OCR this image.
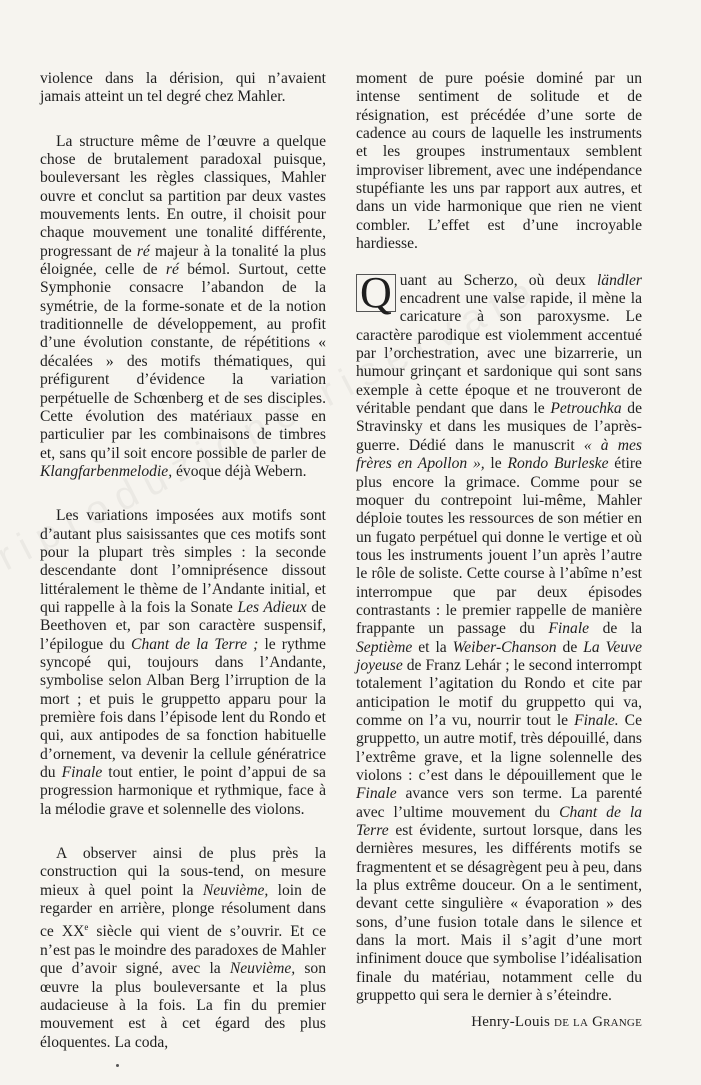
violence dans la dérision, qui n’avaient jamais atteint un tel degré chez Mahler.

La structure même de l’œuvre a quelque chose de brutalement paradoxal puisque, bouleversant les règles classiques, Mahler ouvre et conclut sa partition par deux vastes mouvements lents. En outre, il choisit pour chaque mouvement une tonalité différente, progressant de ré majeur à la tonalité la plus éloignée, celle de ré bémol. Surtout, cette Symphonie consacre l’abandon de la symétrie, de la forme-sonate et de la notion traditionnelle de développement, au profit d’une évolution constante, de répétitions « décalées » des motifs thématiques, qui préfigurent d’évidence la variation perpétuelle de Schœnberg et de ses disciples. Cette évolution des matériaux passe en particulier par les combinaisons de timbres et, sans qu’il soit encore possible de parler de Klangfarbenmelodie, évoque déjà Webern.

Les variations imposées aux motifs sont d’autant plus saisissantes que ces motifs sont pour la plupart très simples : la seconde descendante dont l’omniprésence dissout littéralement le thème de l’Andante initial, et qui rappelle à la fois la Sonate Les Adieux de Beethoven et, par son caractère suspensif, l’épilogue du Chant de la Terre ; le rythme syncopé qui, toujours dans l’Andante, symbolise selon Alban Berg l’irruption de la mort ; et puis le gruppetto apparu pour la première fois dans l’épisode lent du Rondo et qui, aux antipodes de sa fonction habituelle d’ornement, va devenir la cellule génératrice du Finale tout entier, le point d’appui de sa progression harmonique et rythmique, face à la mélodie grave et solennelle des violons.

A observer ainsi de plus près la construction qui la sous-tend, on mesure mieux à quel point la Neuvième, loin de regarder en arrière, plonge résolument dans ce XXe siècle qui vient de s’ouvrir. Et ce n’est pas le moindre des paradoxes de Mahler que d’avoir signé, avec la Neuvième, son œuvre la plus bouleversante et la plus audacieuse à la fois. La fin du premier mouvement est à cet égard des plus éloquentes. La coda,

moment de pure poésie dominé par un intense sentiment de solitude et de résignation, est précédée d’une sorte de cadence au cours de laquelle les instruments et les groupes instrumentaux semblent improviser librement, avec une indépendance stupéfiante les uns par rapport aux autres, et dans un vide harmonique que rien ne vient combler. L’effet est d’une incroyable hardiesse.

Q uant au Scherzo, où deux ländler encadrent une valse rapide, il mène la caricature à son paroxysme. Le caractère parodique est violemment accentué par l’orchestration, avec une bizarrerie, un humour grinçant et sardonique qui sont sans exemple à cette époque et ne trouveront de véritable pendant que dans le Petrouchka de Stravinsky et dans les musiques de l’après-guerre. Dédié dans le manuscrit « à mes frères en Apollon », le Rondo Burleske étire plus encore la grimace. Comme pour se moquer du contrepoint lui-même, Mahler déploie toutes les ressources de son métier en un fugato perpétuel qui donne le vertige et où tous les instruments jouent l’un après l’autre le rôle de soliste. Cette course à l’abîme n’est interrompue que par deux épisodes contrastants : le premier rappelle de manière frappante un passage du Finale de la Septième et la Weiber-Chanson de La Veuve joyeuse de Franz Lehár ; le second interrompt totalement l’agitation du Rondo et cite par anticipation le motif du gruppetto qui va, comme on l’a vu, nourrir tout le Finale. Ce gruppetto, un autre motif, très dépouillé, dans l’extrême grave, et la ligne solennelle des violons : c’est dans le dépouillement que le Finale avance vers son terme. La parenté avec l’ultime mouvement du Chant de la Terre est évidente, surtout lorsque, dans les dernières mesures, les différents motifs se fragmentent et se désagrègent peu à peu, dans la plus extrême douceur. On a le sentiment, devant cette singulière « évaporation » des sons, d’une fusion totale dans le silence et dans la mort. Mais il s’agit d’une mort infiniment douce que symbolise l’idéalisation finale du matériau, notamment celle du gruppetto qui sera le dernier à s’éteindre.

Henry-Louis de la Grange
